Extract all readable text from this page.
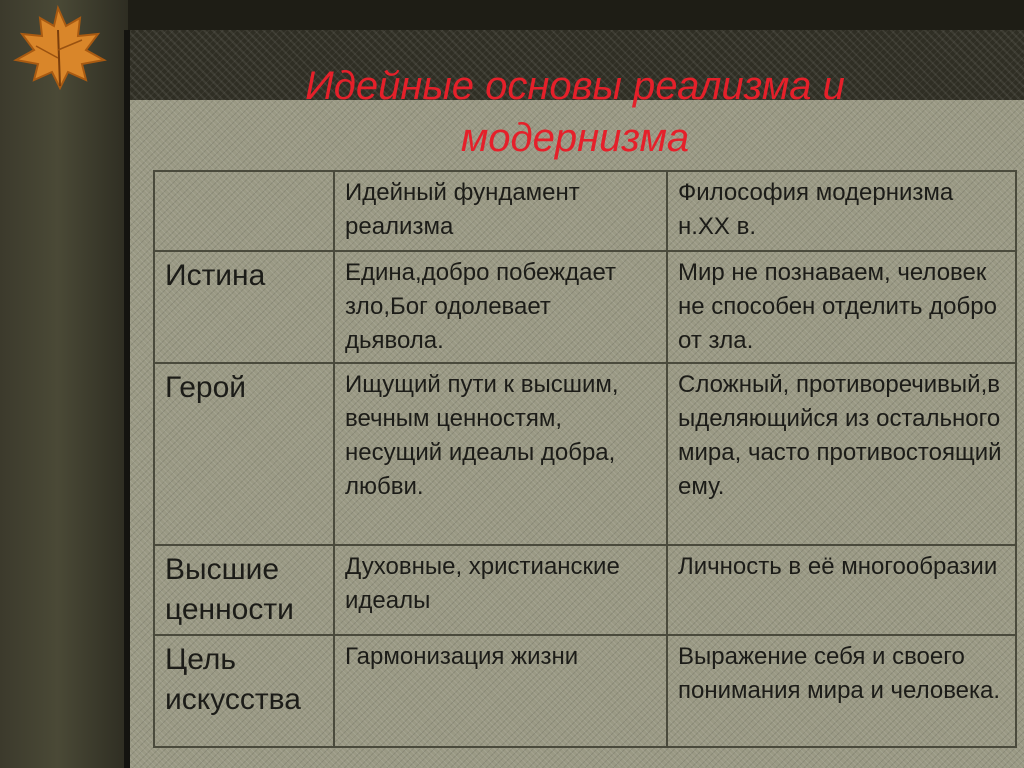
Идейные основы реализма и
модернизма
	Идейный фундамент реализма	Философия модернизма н.XX в.
Истина	Едина,добро побеждает зло,Бог одолевает дьявола.	Мир не познаваем, человек не способен отделить добро от зла.
Герой	Ищущий пути к высшим, вечным ценностям, несущий идеалы добра, любви.	Сложный, противоречивый,выделяющийся из остального мира, часто противостоящий ему.
Высшие ценности	Духовные, христианские идеалы	Личность в её многообразии
Цель искусства	Гармонизация жизни	Выражение себя и своего понимания мира и человека.
